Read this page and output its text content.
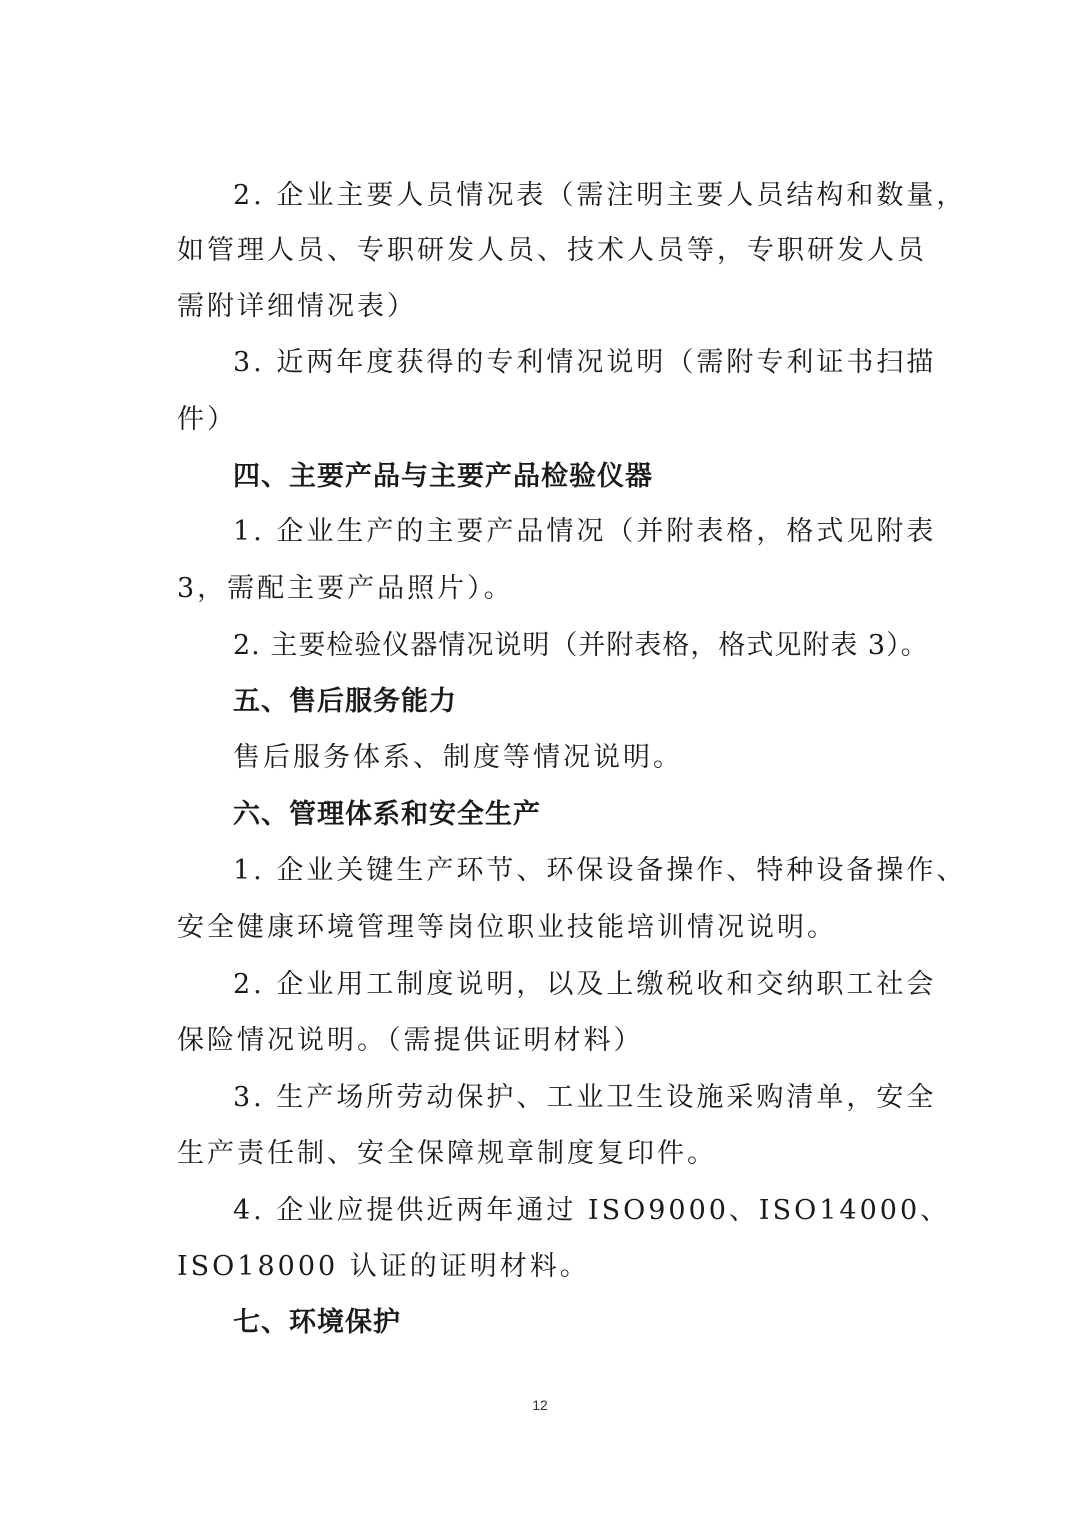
2. 企业主要人员情况表（需注明主要人员结构和数量，
如管理人员、专职研发人员、技术人员等，专职研发人员
需附详细情况表）
3. 近两年度获得的专利情况说明（需附专利证书扫描
件）
四、主要产品与主要产品检验仪器
1. 企业生产的主要产品情况（并附表格，格式见附表
3，需配主要产品照片）。
2. 主要检验仪器情况说明（并附表格，格式见附表 3）。
五、售后服务能力
售后服务体系、制度等情况说明。
六、管理体系和安全生产
1. 企业关键生产环节、环保设备操作、特种设备操作、
安全健康环境管理等岗位职业技能培训情况说明。
2. 企业用工制度说明，以及上缴税收和交纳职工社会
保险情况说明。（需提供证明材料）
3. 生产场所劳动保护、工业卫生设施采购清单，安全
生产责任制、安全保障规章制度复印件。
4. 企业应提供近两年通过 ISO9000、ISO14000、
ISO18000 认证的证明材料。
七、环境保护
12
